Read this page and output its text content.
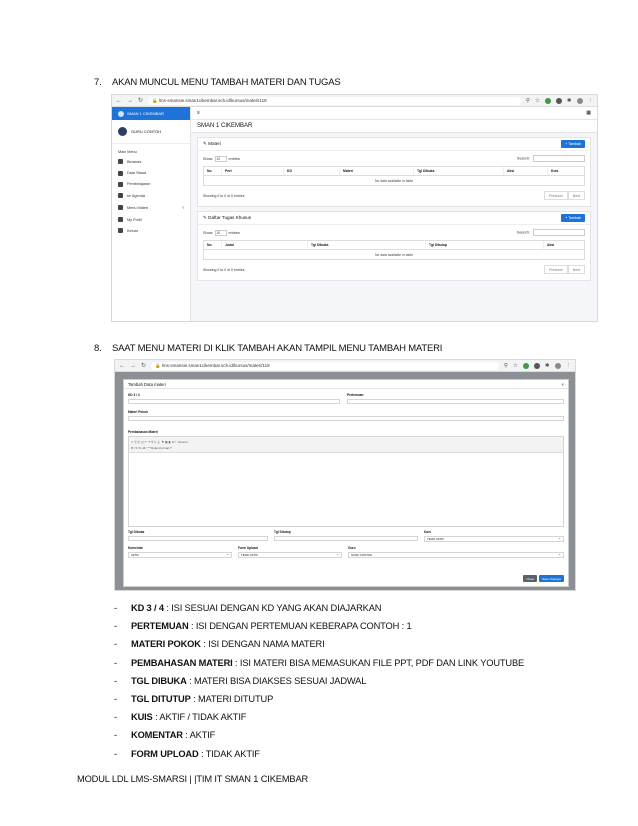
7. AKAN MUNCUL MENU TAMBAH MATERI DAN TUGAS
← → ↻ 🔒 lms-smansie.sman1cikembar.sch.id/kursus/materi/118	⚲ ☆	✱	⋮
SMAN 1 CIKEMBAR
GURU CONTOH
Main Menu
Beranda
Data Siswa
Pembelajaran
ke Agenda
Menu Materi	‹
My Profil
Keluar
≡	▦
SMAN 1 CIKEMBAR
✎ Materi	+ Tambah
Show 10 entries	Search:
No	Pert	KD	Materi	Tgl Dibuka	Aksi	Kuis
No data available in table
Showing 0 to 0 of 0 entries	Previous	Next
✎ Daftar Tugas Khusus	+ Tambah
Show 10 entries	Search:
No	Judul	Tgl Dibuka	Tgl Ditutup	Aksi
No data available in table
Showing 0 to 0 of 0 entries	Previous	Next
8. SAAT MENU MATERI DI KLIK TAMBAH AKAN TAMPIL MENU TAMBAH MATERI
← → ↻ 🔒 lms-smansie.sman1cikembar.sch.id/kursus/materi/118	⚲ ☆	✱	⋮
Tambah Data materi	×
KD 3 / 4	Pertemuan
Materi Pokok
Pembahasan Materi
✂ ⎘ ⎗ ◫ ↶ ↷ ⚲ ≡ ⚓ ⚑ ▦ ◧ Ω ⛶ Source
B I S Tx ≔ ⁝ ❝ Styles Format ?
Tgl Dibuka	Tgl Ditutup	Kuis
TIDAK AKTIF ⌄
Komentar
AKTIF ⌄
Form Upload
TIDAK AKTIF ⌄
Guru
GURU CONTOH ⌄
Close	Save changes
-	KD 3 / 4
: ISI SESUAI DENGAN KD YANG AKAN DIAJARKAN
-	PERTEMUAN
: ISI DENGAN PERTEMUAN KEBERAPA CONTOH : 1
-	MATERI POKOK
: ISI DENGAN NAMA MATERI
-	PEMBAHASAN MATERI
: ISI MATERI BISA MEMASUKAN FILE PPT, PDF DAN LINK YOUTUBE
-	TGL DIBUKA
: MATERI BISA DIAKSES SESUAI JADWAL
-	TGL DITUTUP
: MATERI DITUTUP
-	KUIS
: AKTIF / TIDAK AKTIF
-	KOMENTAR
: AKTIF
-	FORM UPLOAD
: TIDAK AKTIF
MODUL LDL LMS-SMARSI | |TIM IT SMAN 1 CIKEMBAR
